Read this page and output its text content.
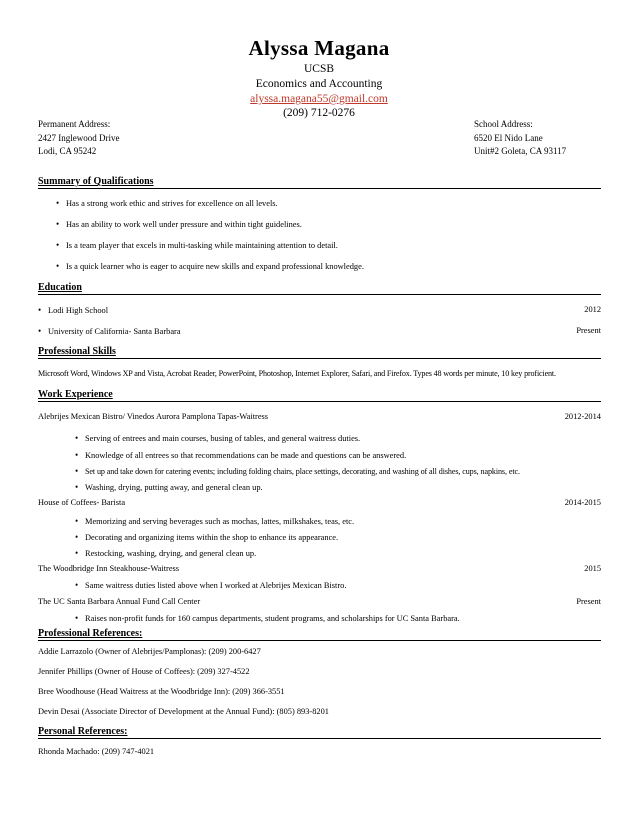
Alyssa Magana
UCSB
Economics and Accounting
alyssa.magana55@gmail.com
(209) 712-0276
Permanent Address:
2427 Inglewood Drive
Lodi, CA 95242
School Address:
6520 El Nido Lane
Unit#2 Goleta, CA 93117
Summary of Qualifications
• Has a strong work ethic and strives for excellence on all levels.
• Has an ability to work well under pressure and within tight guidelines.
• Is a team player that excels in multi-tasking while maintaining attention to detail.
• Is a quick learner who is eager to acquire new skills and expand professional knowledge.
Education
• Lodi High School	2012
• University of California- Santa Barbara	Present
Professional Skills
Microsoft Word, Windows XP and Vista, Acrobat Reader, PowerPoint, Photoshop, Internet Explorer, Safari, and Firefox. Types 48 words per minute, 10 key proficient.
Work Experience
Alebrijes Mexican Bistro/ Vinedos Aurora Pamplona Tapas-Waitress	2012-2014
• Serving of entrees and main courses, busing of tables, and general waitress duties.
• Knowledge of all entrees so that recommendations can be made and questions can be answered.
• Set up and take down for catering events; including folding chairs, place settings, decorating, and washing of all dishes, cups, napkins, etc.
• Washing, drying, putting away, and general clean up.
House of Coffees- Barista	2014-2015
• Memorizing and serving beverages such as mochas, lattes, milkshakes, teas, etc.
• Decorating and organizing items within the shop to enhance its appearance.
• Restocking, washing, drying, and general clean up.
The Woodbridge Inn Steakhouse-Waitress	2015
• Same waitress duties listed above when I worked at Alebrijes Mexican Bistro.
The UC Santa Barbara Annual Fund Call Center	Present
• Raises non-profit funds for 160 campus departments, student programs, and scholarships for UC Santa Barbara.
Professional References:
Addie Larrazolo (Owner of Alebrijes/Pamplonas): (209) 200-6427
Jennifer Phillips (Owner of House of Coffees): (209) 327-4522
Bree Woodhouse (Head Waitress at the Woodbridge Inn): (209) 366-3551
Devin Desai (Associate Director of Development at the Annual Fund): (805) 893-8201
Personal References:
Rhonda Machado: (209) 747-4021
